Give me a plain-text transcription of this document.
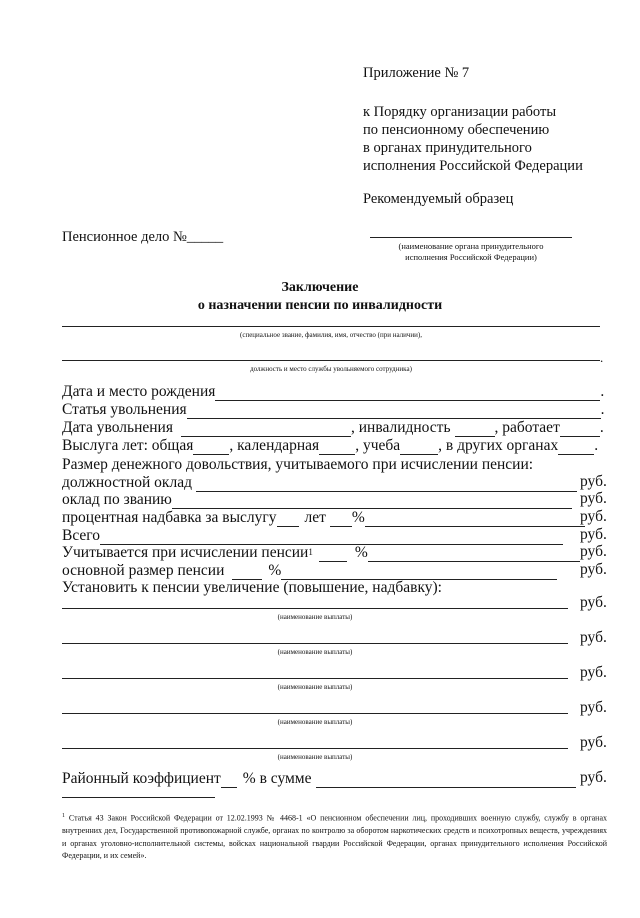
Приложение № 7
к Порядку организации работы
по пенсионному обеспечению
в органах принудительного
исполнения Российской Федерации
Рекомендуемый образец
Пенсионное дело №_____
(наименование органа принудительного
исполнения Российской Федерации)
Заключение
о назначении пенсии по инвалидности
(специальное звание, фамилия, имя, отчество (при наличии),
.
должность и место службы увольняемого сотрудника)
Дата и место рождения	.
Статья увольнения	.
Дата увольнения	, инвалидность	, работает	.
Выслуга лет: общая , календарная , учеба , в других органах .
Размер денежного довольствия, учитываемого при исчислении пенсии:
должностной оклад	руб.
оклад по званию	руб.
процентная надбавка за выслугу лет %	руб.
Всего	руб.
Учитывается при исчислении пенсии 1	%	руб.
основной размер пенсии	%	руб.
Установить к пенсии увеличение (повышение, надбавку):
руб.
(наименование выплаты)
руб.
(наименование выплаты)
руб.
(наименование выплаты)
руб.
(наименование выплаты)
руб.
(наименование выплаты)
Районный коэффициент % в сумме	руб.
$^1$ Статья 43 Закон Российской Федерации от 12.02.1993 № 4468-1 «О пенсионном обеспечении лиц, проходивших военную службу, службу в органах внутренних дел, Государственной противопожарной службе, органах по контролю за оборотом наркотических средств и психотропных веществ, учреждениях и органах уголовно-исполнительной системы, войсках национальной гвардии Российской Федерации, органах принудительного исполнения Российской Федерации, и их семей».
